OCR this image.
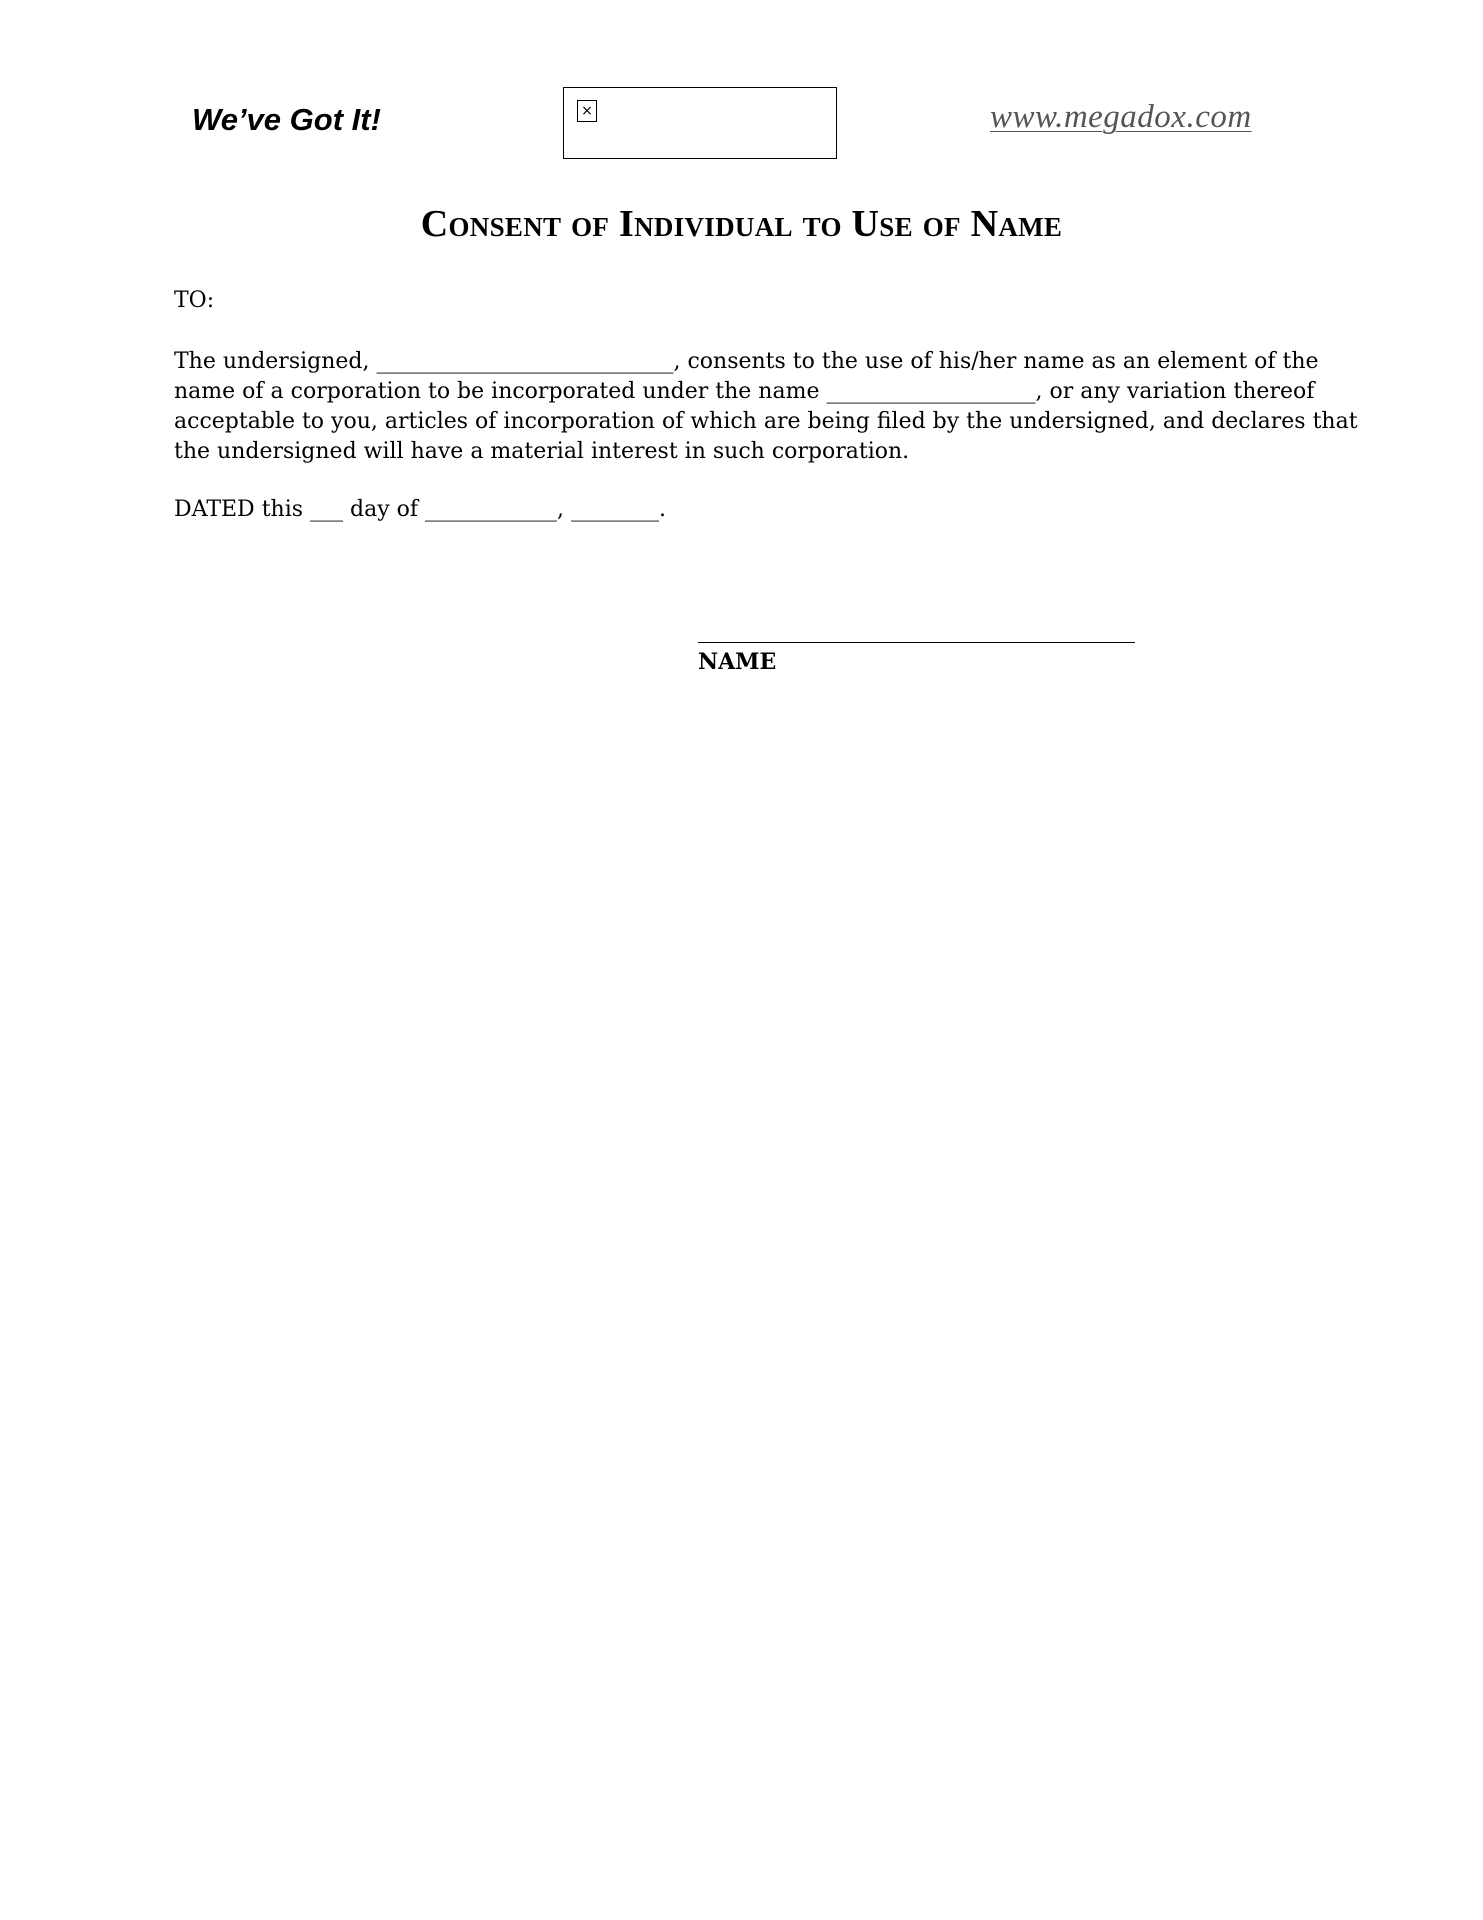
We’ve Got It!	×	www.megadox.com
Consent of Individual to Use of Name
TO:
The undersigned, ___________________________, consents to the use of his/her name as an element of the
name of a corporation to be incorporated under the name ___________________, or any variation thereof
acceptable to you, articles of incorporation of which are being filed by the undersigned, and declares that
the undersigned will have a material interest in such corporation.
DATED this ___ day of ____________, ________.
NAME
